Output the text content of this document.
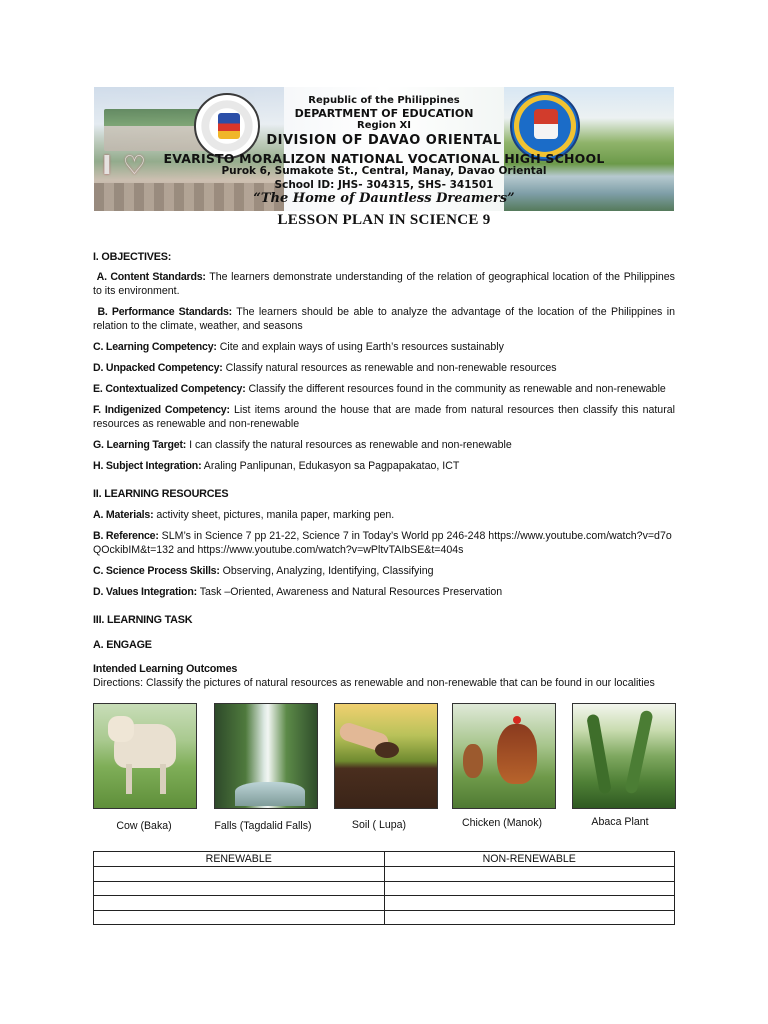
I ♡
Republic of the Philippines
DEPARTMENT OF EDUCATION
Region XI
DIVISION OF DAVAO ORIENTAL
EVARISTO MORALIZON NATIONAL VOCATIONAL HIGH SCHOOL
Purok 6, Sumakote St., Central, Manay, Davao Oriental
School ID: JHS- 304315, SHS- 341501
“The Home of Dauntless Dreamers”
LESSON PLAN IN SCIENCE 9
I. OBJECTIVES:
A. Content Standards: The learners demonstrate understanding of the relation of geographical location of the Philippines to its environment.
B. Performance Standards: The learners should be able to analyze the advantage of the location of the Philippines in relation to the climate, weather, and seasons
C. Learning Competency: Cite and explain ways of using Earth’s resources sustainably
D. Unpacked Competency: Classify natural resources as renewable and non-renewable resources
E. Contextualized Competency: Classify the different resources found in the community as renewable and non-renewable
F. Indigenized Competency: List items around the house that are made from natural resources then classify this natural resources as renewable and non-renewable
G. Learning Target: I can classify the natural resources as renewable and non-renewable
H. Subject Integration: Araling Panlipunan, Edukasyon sa Pagpapakatao, ICT
II. LEARNING RESOURCES
A. Materials: activity sheet, pictures, manila paper, marking pen.
B. Reference: SLM’s in Science 7 pp 21-22, Science 7 in Today’s World pp 246-248 https://www.youtube.com/watch?v=d7oQOckibIM&t=132 and https://www.youtube.com/watch?v=wPltvTAIbSE&t=404s
C. Science Process Skills: Observing, Analyzing, Identifying, Classifying
D. Values Integration: Task –Oriented, Awareness and Natural Resources Preservation
III. LEARNING TASK
A. ENGAGE
Intended Learning Outcomes
Directions: Classify the pictures of natural resources as renewable and non-renewable that can be found in our localities
Cow (Baka)	Falls (Tagdalid Falls)	Soil ( Lupa)	Chicken (Manok)	Abaca Plant
RENEWABLE	NON-RENEWABLE
